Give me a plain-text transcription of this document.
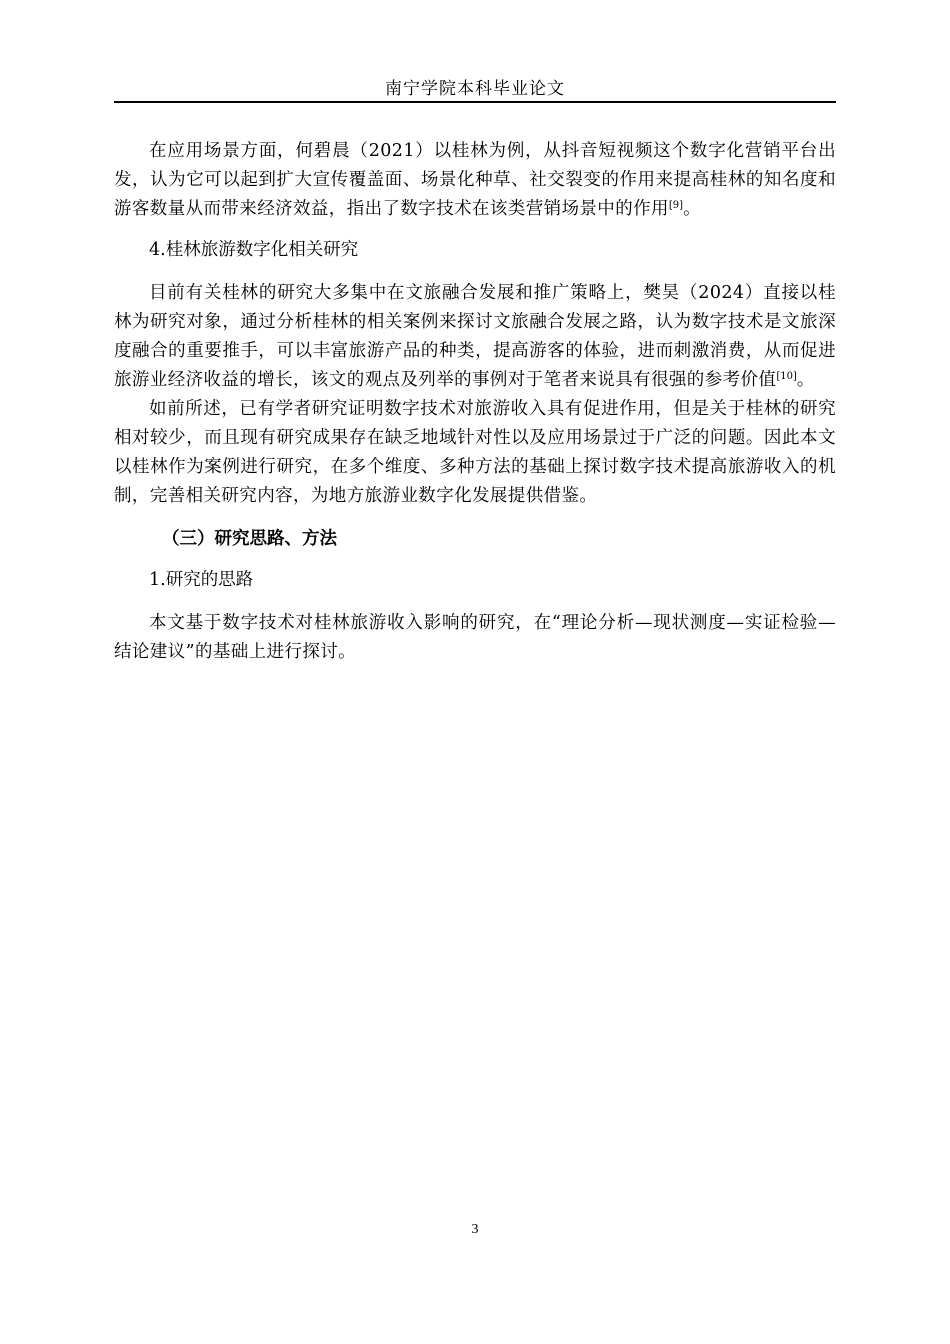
南宁学院本科毕业论文

在应用场景方面，何碧晨（2021）以桂林为例，从抖音短视频这个数字化营销平台出发，认为它可以起到扩大宣传覆盖面、场景化种草、社交裂变的作用来提高桂林的知名度和游客数量从而带来经济效益，指出了数字技术在该类营销场景中的作用[9]。

4.桂林旅游数字化相关研究

目前有关桂林的研究大多集中在文旅融合发展和推广策略上，樊昊（2024）直接以桂林为研究对象，通过分析桂林的相关案例来探讨文旅融合发展之路，认为数字技术是文旅深度融合的重要推手，可以丰富旅游产品的种类，提高游客的体验，进而刺激消费，从而促进旅游业经济收益的增长，该文的观点及列举的事例对于笔者来说具有很强的参考价值[10]。

如前所述，已有学者研究证明数字技术对旅游收入具有促进作用，但是关于桂林的研究相对较少，而且现有研究成果存在缺乏地域针对性以及应用场景过于广泛的问题。因此本文以桂林作为案例进行研究，在多个维度、多种方法的基础上探讨数字技术提高旅游收入的机制，完善相关研究内容，为地方旅游业数字化发展提供借鉴。

（三）研究思路、方法
1.研究的思路

本文基于数字技术对桂林旅游收入影响的研究，在“理论分析—现状测度—实证检验—结论建议”的基础上进行探讨。

3
